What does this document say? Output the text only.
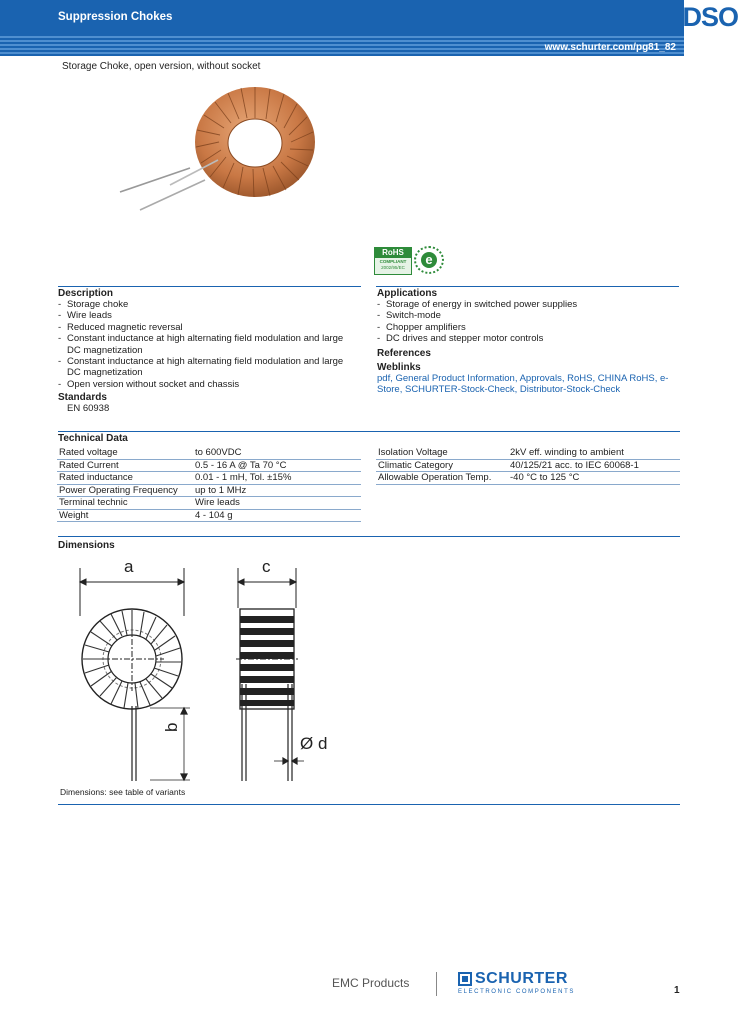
Suppression Chokes
www.schurter.com/pg81_82
DSO
Storage Choke, open version, without socket
RoHS
COMPLIANT
2002/95/EC
e
Description
- Storage choke
- Wire leads
- Reduced magnetic reversal
- Constant inductance at high alternating field modulation and large DC magnetization
- Constant inductance at high alternating field modulation and large DC magnetization
- Open version without socket and chassis
Standards
EN 60938
Applications
- Storage of energy in switched power supplies
- Switch-mode
- Chopper amplifiers
- DC drives and stepper motor controls
References
Weblinks
pdf, General Product Information, Approvals, RoHS, CHINA RoHS, e-Store, SCHURTER-Stock-Check, Distributor-Stock-Check
Technical Data
Rated voltage	to 600VDC
Rated Current	0.5 - 16 A @ Ta 70 °C
Rated inductance	0.01 - 1 mH, Tol. ±15%
Power Operating Frequency	up to 1 MHz
Terminal technic	Wire leads
Weight	4 - 104 g
Isolation Voltage	2kV eff. winding to ambient
Climatic Category	40/125/21 acc. to IEC 60068-1
Allowable Operation Temp.	-40 °C to 125 °C
Dimensions
a	c
b
Ø d
Dimensions: see table of variants
EMC Products	SCHURTER
ELECTRONIC COMPONENTS	1
